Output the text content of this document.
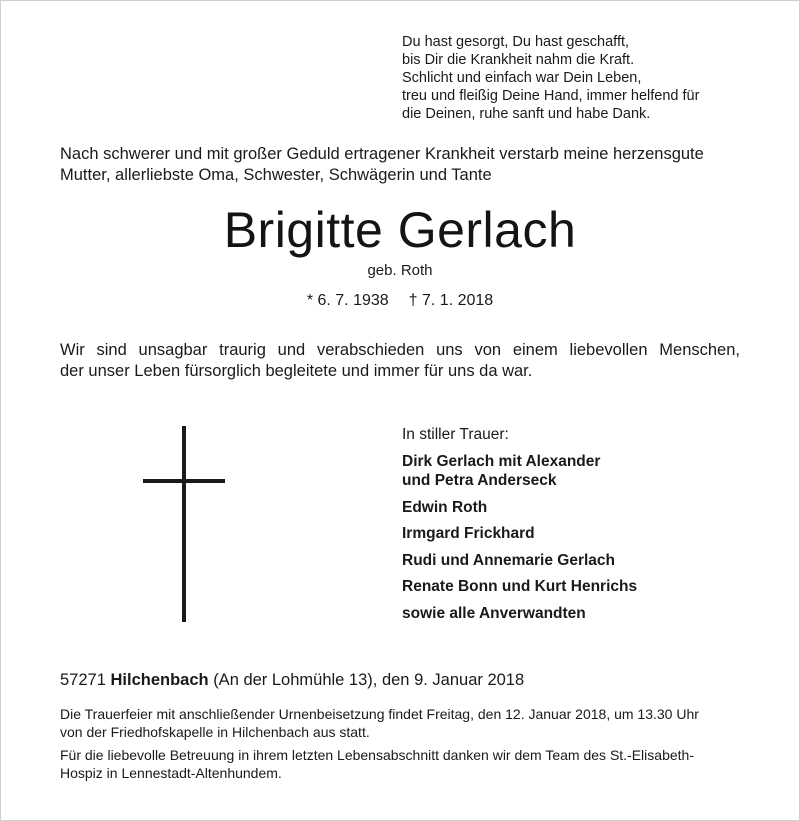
Du hast gesorgt, Du hast geschafft,
bis Dir die Krankheit nahm die Kraft.
Schlicht und einfach war Dein Leben,
treu und fleißig Deine Hand, immer helfend für
die Deinen, ruhe sanft und habe Dank.
Nach schwerer und mit großer Geduld ertragener Krankheit verstarb meine herzensgute
Mutter, allerliebste Oma, Schwester, Schwägerin und Tante
Brigitte Gerlach
geb. Roth
* 6. 7. 1938 † 7. 1. 2018
Wir sind unsagbar traurig und verabschieden uns von einem liebevollen Menschen,
der unser Leben fürsorglich begleitete und immer für uns da war.
In stiller Trauer:
Dirk Gerlach mit Alexander
und Petra Anderseck
Edwin Roth
Irmgard Frickhard
Rudi und Annemarie Gerlach
Renate Bonn und Kurt Henrichs
sowie alle Anverwandten
57271 Hilchenbach (An der Lohmühle 13), den 9. Januar 2018
Die Trauerfeier mit anschließender Urnenbeisetzung findet Freitag, den 12. Januar 2018, um 13.30 Uhr
von der Friedhofskapelle in Hilchenbach aus statt.
Für die liebevolle Betreuung in ihrem letzten Lebensabschnitt danken wir dem Team des St.-Elisabeth-
Hospiz in Lennestadt-Altenhundem.
